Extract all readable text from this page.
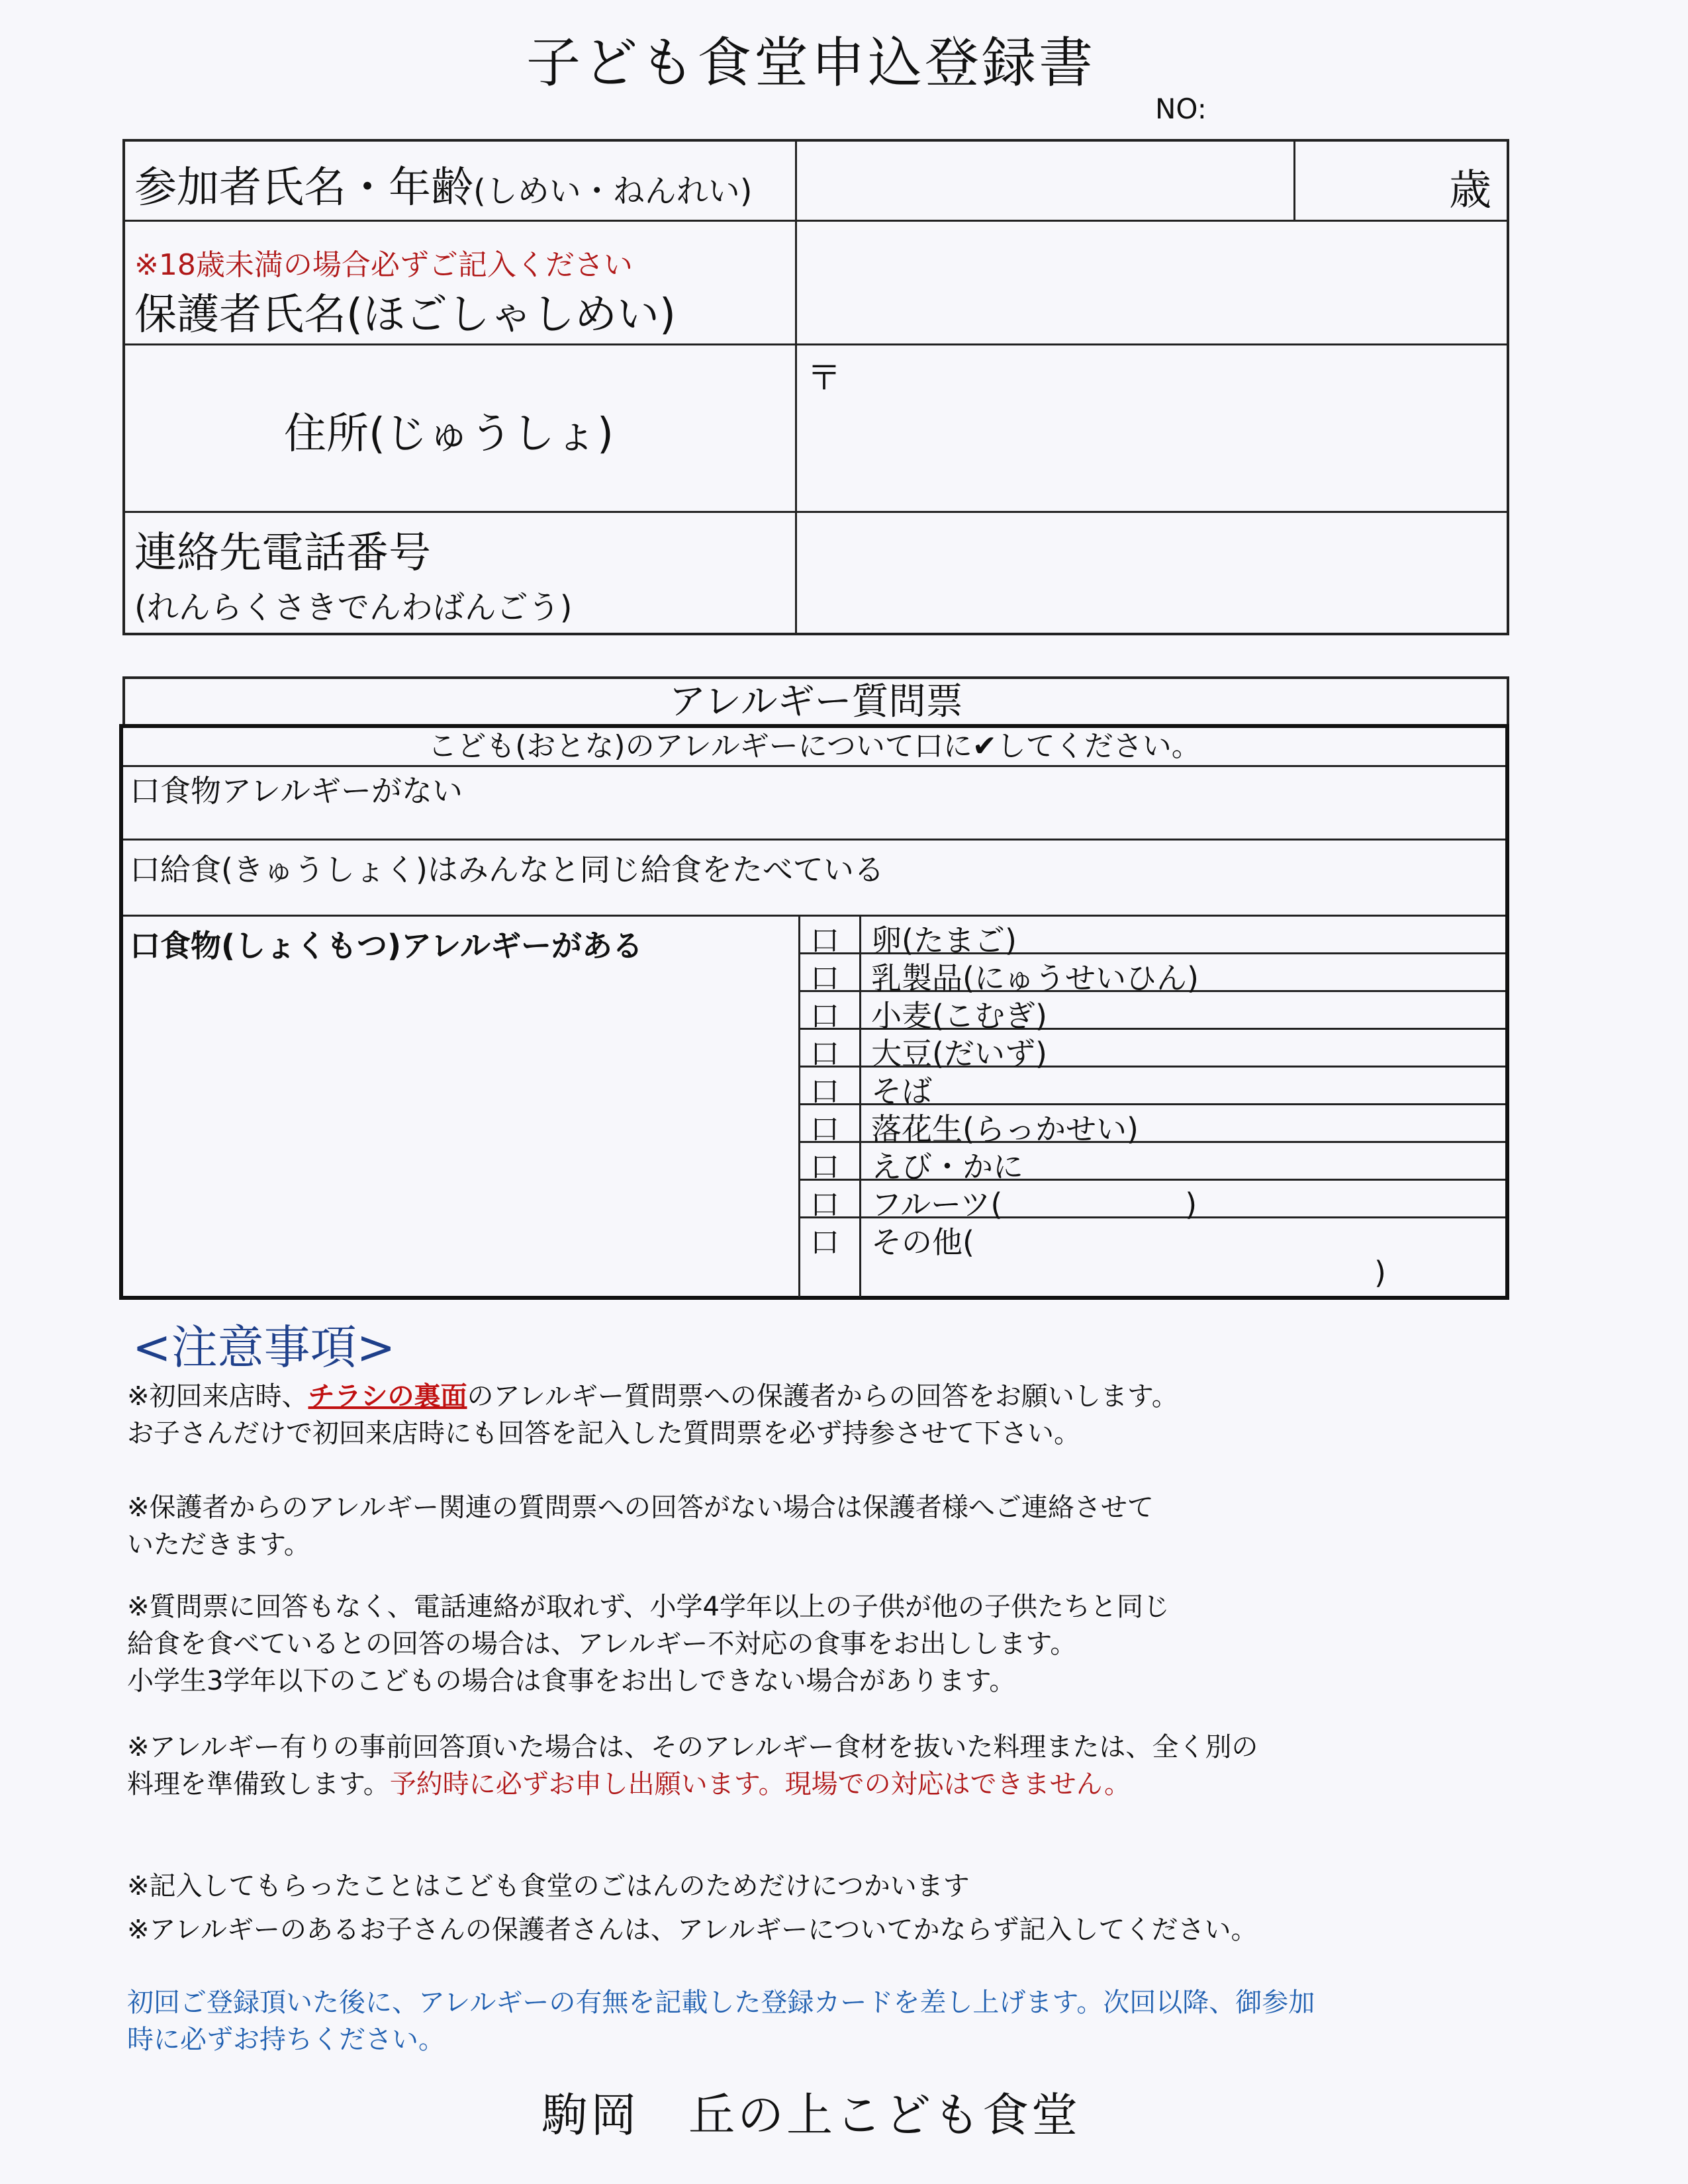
子ども食堂申込登録書
NO:
参加者氏名・年齢(しめい・ねんれい)	歳
※18歳未満の場合必ずご記入ください
保護者氏名(ほごしゃしめい)
住所(じゅうしょ)
〒
連絡先電話番号
(れんらくさきでんわばんごう)
アレルギー質問票
こども(おとな)のアレルギーについて口に✔してください。
口食物アレルギーがない
口給食(きゅうしょく)はみんなと同じ給食をたべている
口食物(しょくもつ)アレルギーがある	口 卵(たまご)
口 乳製品(にゅうせいひん)
口 小麦(こむぎ)
口 大豆(だいず)
口 そば
口 落花生(らっかせい)
口 えび・かに
口 フルーツ(　　　　　　)
口 その他(
)
<注意事項>
※初回来店時、チラシの裏面のアレルギー質問票への保護者からの回答をお願いします。
お子さんだけで初回来店時にも回答を記入した質問票を必ず持参させて下さい。
※保護者からのアレルギー関連の質問票への回答がない場合は保護者様へご連絡させて
いただきます。
※質問票に回答もなく、電話連絡が取れず、小学4学年以上の子供が他の子供たちと同じ
給食を食べているとの回答の場合は、アレルギー不対応の食事をお出しします。
小学生3学年以下のこどもの場合は食事をお出しできない場合があります。
※アレルギー有りの事前回答頂いた場合は、そのアレルギー食材を抜いた料理または、全く別の
料理を準備致します。予約時に必ずお申し出願います。現場での対応はできません。
※記入してもらったことはこども食堂のごはんのためだけにつかいます
※アレルギーのあるお子さんの保護者さんは、アレルギーについてかならず記入してください。
初回ご登録頂いた後に、アレルギーの有無を記載した登録カードを差し上げます。次回以降、御参加
時に必ずお持ちください。
駒岡　丘の上こども食堂
